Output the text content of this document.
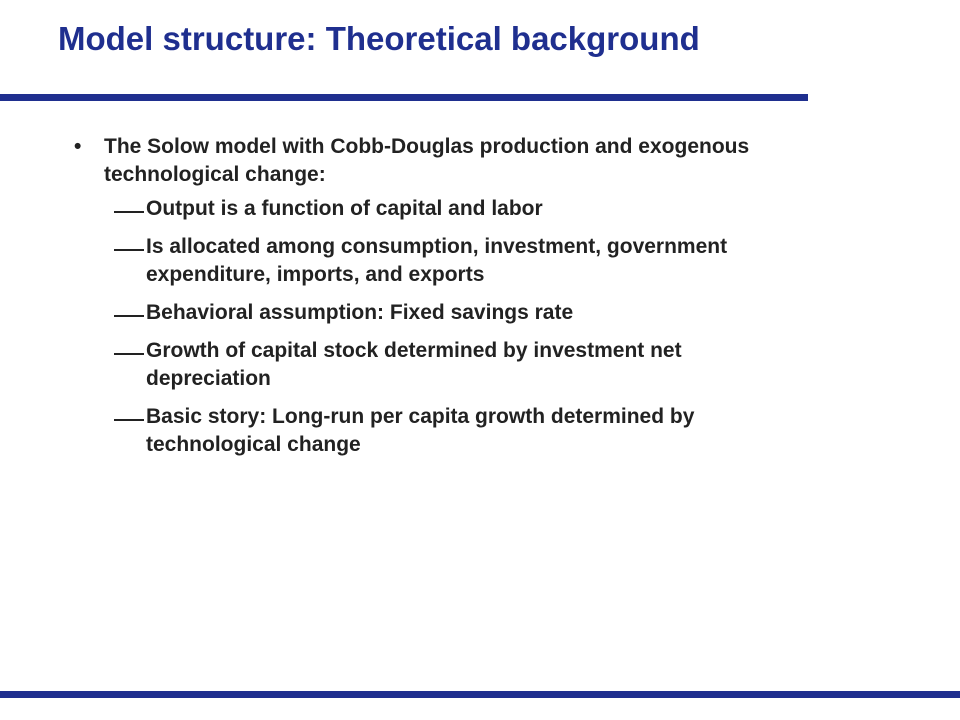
Model structure: Theoretical background
• The Solow model with Cobb-Douglas production and exogenous technological change:
Output is a function of capital and labor
Is allocated among consumption, investment, government expenditure, imports, and exports
Behavioral assumption: Fixed savings rate
Growth of capital stock determined by investment net depreciation
Basic story: Long-run per capita growth determined by technological change
